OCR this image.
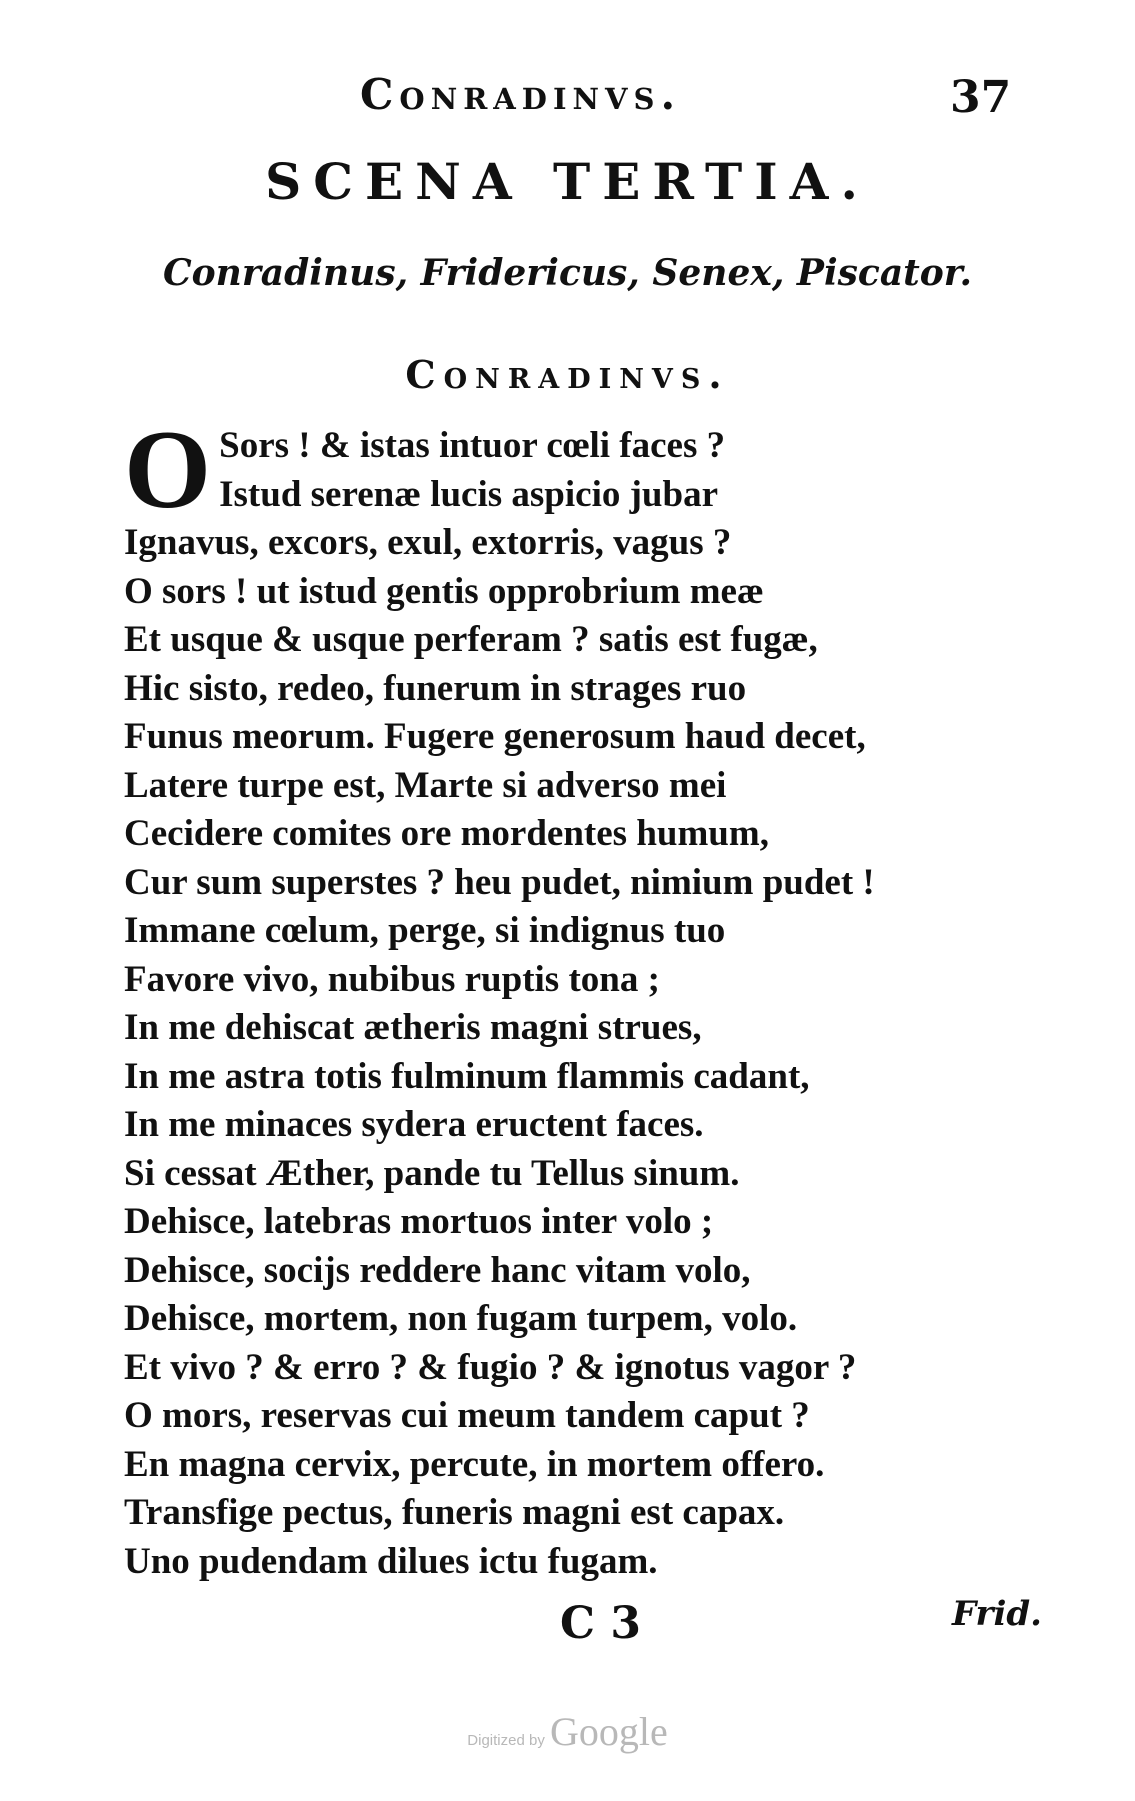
Conradinvs.	37
SCENA TERTIA.
Conradinus, Fridericus, Senex, Piscator.
Conradinvs.
O Sors ! & istas intuor cœli faces ?
Istud serenæ lucis aspicio jubar
Ignavus, excors, exul, extorris, vagus ?
O sors ! ut istud gentis opprobrium meæ
Et usque & usque perferam ? satis est fugæ,
Hic sisto, redeo, funerum in strages ruo
Funus meorum. Fugere generosum haud decet,
Latere turpe est, Marte si adverso mei
Cecidere comites ore mordentes humum,
Cur sum superstes ? heu pudet, nimium pudet !
Immane cœlum, perge, si indignus tuo
Favore vivo, nubibus ruptis tona ;
In me dehiscat ætheris magni strues,
In me astra totis fulminum flammis cadant,
In me minaces sydera eructent faces.
Si cessat Æther, pande tu Tellus sinum.
Dehisce, latebras mortuos inter volo ;
Dehisce, socijs reddere hanc vitam volo,
Dehisce, mortem, non fugam turpem, volo.
Et vivo ? & erro ? & fugio ? & ignotus vagor ?
O mors, reservas cui meum tandem caput ?
En magna cervix, percute, in mortem offero.
Transfige pectus, funeris magni est capax.
Uno pudendam dilues ictu fugam.
C 3	Frid.
Digitized by Google
